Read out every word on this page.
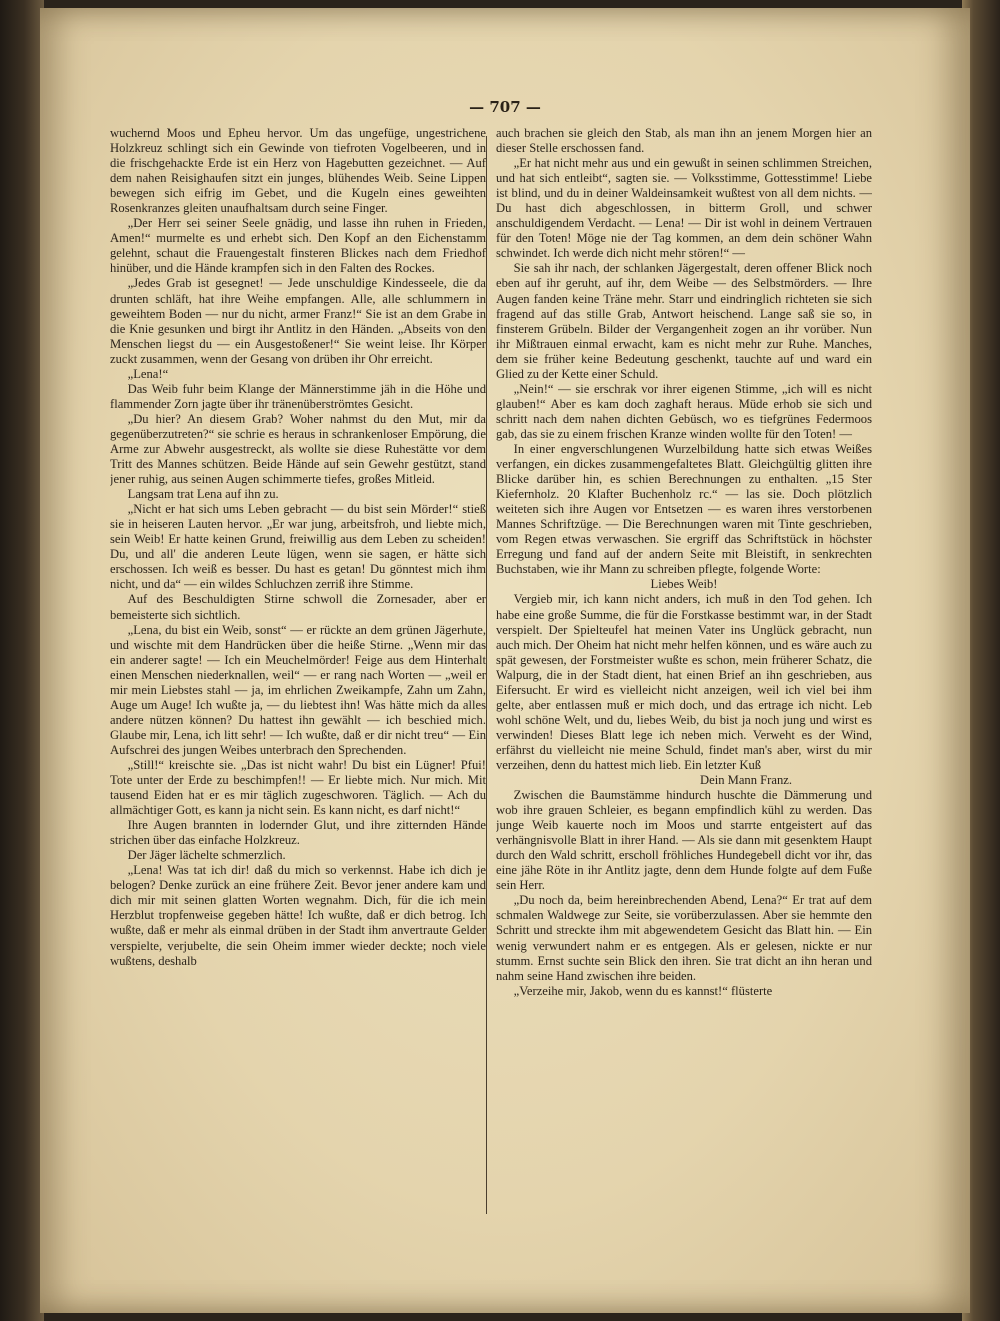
— 707 —

wuchernd Moos und Epheu hervor. Um das ungefüge, ungestrichene Holzkreuz schlingt sich ein Gewinde von tiefroten Vogelbeeren, und in die frischgehackte Erde ist ein Herz von Hagebutten gezeichnet. — Auf dem nahen Reisighaufen sitzt ein junges, blühendes Weib. Seine Lippen bewegen sich eifrig im Gebet, und die Kugeln eines geweihten Rosenkranzes gleiten unaufhaltsam durch seine Finger.

„Der Herr sei seiner Seele gnädig, und lasse ihn ruhen in Frieden, Amen!“ murmelte es und erhebt sich. Den Kopf an den Eichenstamm gelehnt, schaut die Frauengestalt finsteren Blickes nach dem Friedhof hinüber, und die Hände krampfen sich in den Falten des Rockes.

„Jedes Grab ist gesegnet! — Jede unschuldige Kindesseele, die da drunten schläft, hat ihre Weihe empfangen. Alle, alle schlummern in geweihtem Boden — nur du nicht, armer Franz!“ Sie ist an dem Grabe in die Knie gesunken und birgt ihr Antlitz in den Händen. „Abseits von den Menschen liegst du — ein Ausgestoßener!“ Sie weint leise. Ihr Körper zuckt zusammen, wenn der Gesang von drüben ihr Ohr erreicht.

„Lena!“

Das Weib fuhr beim Klange der Männerstimme jäh in die Höhe und flammender Zorn jagte über ihr tränenüberströmtes Gesicht.

„Du hier? An diesem Grab? Woher nahmst du den Mut, mir da gegenüberzutreten?“ sie schrie es heraus in schrankenloser Empörung, die Arme zur Abwehr ausgestreckt, als wollte sie diese Ruhestätte vor dem Tritt des Mannes schützen. Beide Hände auf sein Gewehr gestützt, stand jener ruhig, aus seinen Augen schimmerte tiefes, großes Mitleid.

Langsam trat Lena auf ihn zu.

„Nicht er hat sich ums Leben gebracht — du bist sein Mörder!“ stieß sie in heiseren Lauten hervor. „Er war jung, arbeitsfroh, und liebte mich, sein Weib! Er hatte keinen Grund, freiwillig aus dem Leben zu scheiden! Du, und all' die anderen Leute lügen, wenn sie sagen, er hätte sich erschossen. Ich weiß es besser. Du hast es getan! Du gönntest mich ihm nicht, und da“ — ein wildes Schluchzen zerriß ihre Stimme.

Auf des Beschuldigten Stirne schwoll die Zornesader, aber er bemeisterte sich sichtlich.

„Lena, du bist ein Weib, sonst“ — er rückte an dem grünen Jägerhute, und wischte mit dem Handrücken über die heiße Stirne. „Wenn mir das ein anderer sagte! — Ich ein Meuchelmörder! Feige aus dem Hinterhalt einen Menschen niederknallen, weil“ — er rang nach Worten — „weil er mir mein Liebstes stahl — ja, im ehrlichen Zweikampfe, Zahn um Zahn, Auge um Auge! Ich wußte ja, — du liebtest ihn! Was hätte mich da alles andere nützen können? Du hattest ihn gewählt — ich beschied mich. Glaube mir, Lena, ich litt sehr! — Ich wußte, daß er dir nicht treu“ — Ein Aufschrei des jungen Weibes unterbrach den Sprechenden.

„Still!“ kreischte sie. „Das ist nicht wahr! Du bist ein Lügner! Pfui! Tote unter der Erde zu beschimpfen!! — Er liebte mich. Nur mich. Mit tausend Eiden hat er es mir täglich zugeschworen. Täglich. — Ach du allmächtiger Gott, es kann ja nicht sein. Es kann nicht, es darf nicht!“

Ihre Augen brannten in lodernder Glut, und ihre zitternden Hände strichen über das einfache Holzkreuz.

Der Jäger lächelte schmerzlich.

„Lena! Was tat ich dir! daß du mich so verkennst. Habe ich dich je belogen? Denke zurück an eine frühere Zeit. Bevor jener andere kam und dich mir mit seinen glatten Worten wegnahm. Dich, für die ich mein Herzblut tropfenweise gegeben hätte! Ich wußte, daß er dich betrog. Ich wußte, daß er mehr als einmal drüben in der Stadt ihm anvertraute Gelder verspielte, verjubelte, die sein Oheim immer wieder deckte; noch viele wußtens, deshalb

auch brachen sie gleich den Stab, als man ihn an jenem Morgen hier an dieser Stelle erschossen fand.

„Er hat nicht mehr aus und ein gewußt in seinen schlimmen Streichen, und hat sich entleibt“, sagten sie. — Volksstimme, Gottesstimme! Liebe ist blind, und du in deiner Waldeinsamkeit wußtest von all dem nichts. — Du hast dich abgeschlossen, in bitterm Groll, und schwer anschuldigendem Verdacht. — Lena! — Dir ist wohl in deinem Vertrauen für den Toten! Möge nie der Tag kommen, an dem dein schöner Wahn schwindet. Ich werde dich nicht mehr stören!“ —

Sie sah ihr nach, der schlanken Jägergestalt, deren offener Blick noch eben auf ihr geruht, auf ihr, dem Weibe — des Selbstmörders. — Ihre Augen fanden keine Träne mehr. Starr und eindringlich richteten sie sich fragend auf das stille Grab, Antwort heischend. Lange saß sie so, in finsterem Grübeln. Bilder der Vergangenheit zogen an ihr vorüber. Nun ihr Mißtrauen einmal erwacht, kam es nicht mehr zur Ruhe. Manches, dem sie früher keine Bedeutung geschenkt, tauchte auf und ward ein Glied zu der Kette einer Schuld.

„Nein!“ — sie erschrak vor ihrer eigenen Stimme, „ich will es nicht glauben!“ Aber es kam doch zaghaft heraus. Müde erhob sie sich und schritt nach dem nahen dichten Gebüsch, wo es tiefgrünes Federmoos gab, das sie zu einem frischen Kranze winden wollte für den Toten! —

In einer engverschlungenen Wurzelbildung hatte sich etwas Weißes verfangen, ein dickes zusammengefaltetes Blatt. Gleichgültig glitten ihre Blicke darüber hin, es schien Berechnungen zu enthalten. „15 Ster Kiefernholz. 20 Klafter Buchenholz rc.“ — las sie. Doch plötzlich weiteten sich ihre Augen vor Entsetzen — es waren ihres verstorbenen Mannes Schriftzüge. — Die Berechnungen waren mit Tinte geschrieben, vom Regen etwas verwaschen. Sie ergriff das Schriftstück in höchster Erregung und fand auf der andern Seite mit Bleistift, in senkrechten Buchstaben, wie ihr Mann zu schreiben pflegte, folgende Worte:

Liebes Weib!

Vergieb mir, ich kann nicht anders, ich muß in den Tod gehen. Ich habe eine große Summe, die für die Forstkasse bestimmt war, in der Stadt verspielt. Der Spielteufel hat meinen Vater ins Unglück gebracht, nun auch mich. Der Oheim hat nicht mehr helfen können, und es wäre auch zu spät gewesen, der Forstmeister wußte es schon, mein früherer Schatz, die Walpurg, die in der Stadt dient, hat einen Brief an ihn geschrieben, aus Eifersucht. Er wird es vielleicht nicht anzeigen, weil ich viel bei ihm gelte, aber entlassen muß er mich doch, und das ertrage ich nicht. Leb wohl schöne Welt, und du, liebes Weib, du bist ja noch jung und wirst es verwinden! Dieses Blatt lege ich neben mich. Verweht es der Wind, erfährst du vielleicht nie meine Schuld, findet man's aber, wirst du mir verzeihen, denn du hattest mich lieb. Ein letzter Kuß

Dein Mann Franz.

Zwischen die Baumstämme hindurch huschte die Dämmerung und wob ihre grauen Schleier, es begann empfindlich kühl zu werden. Das junge Weib kauerte noch im Moos und starrte entgeistert auf das verhängnisvolle Blatt in ihrer Hand. — Als sie dann mit gesenktem Haupt durch den Wald schritt, erscholl fröhliches Hundegebell dicht vor ihr, das eine jähe Röte in ihr Antlitz jagte, denn dem Hunde folgte auf dem Fuße sein Herr.

„Du noch da, beim hereinbrechenden Abend, Lena?“ Er trat auf dem schmalen Waldwege zur Seite, sie vorüberzulassen. Aber sie hemmte den Schritt und streckte ihm mit abgewendetem Gesicht das Blatt hin. — Ein wenig verwundert nahm er es entgegen. Als er gelesen, nickte er nur stumm. Ernst suchte sein Blick den ihren. Sie trat dicht an ihn heran und nahm seine Hand zwischen ihre beiden.

„Verzeihe mir, Jakob, wenn du es kannst!“ flüsterte
